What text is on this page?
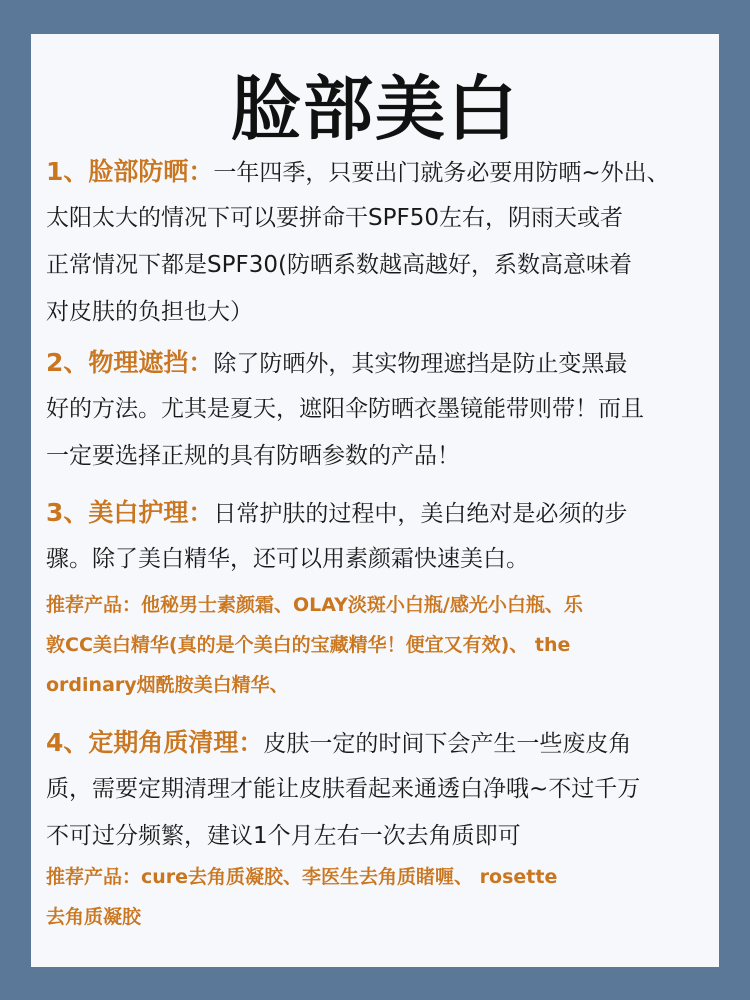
脸部美白
1、脸部防晒：一年四季，只要出门就务必要用防晒~外出、
太阳太大的情况下可以要拼命干SPF50左右，阴雨天或者
正常情况下都是SPF30(防晒系数越高越好，系数高意味着
对皮肤的负担也大）
2、物理遮挡：除了防晒外，其实物理遮挡是防止变黑最
好的方法。尤其是夏天，遮阳伞防晒衣墨镜能带则带！而且
一定要选择正规的具有防晒参数的产品！
3、美白护理：日常护肤的过程中，美白绝对是必须的步
骤。除了美白精华，还可以用素颜霜快速美白。
推荐产品：他秘男士素颜霜、OLAY淡斑小白瓶/感光小白瓶、乐
敦CC美白精华(真的是个美白的宝藏精华！便宜又有效)、 the
ordinary烟酰胺美白精华、
4、定期角质清理：皮肤一定的时间下会产生一些废皮角
质，需要定期清理才能让皮肤看起来通透白净哦~不过千万
不可过分频繁，建议1个月左右一次去角质即可
推荐产品：cure去角质凝胶、李医生去角质睹喱、 rosette
去角质凝胶
